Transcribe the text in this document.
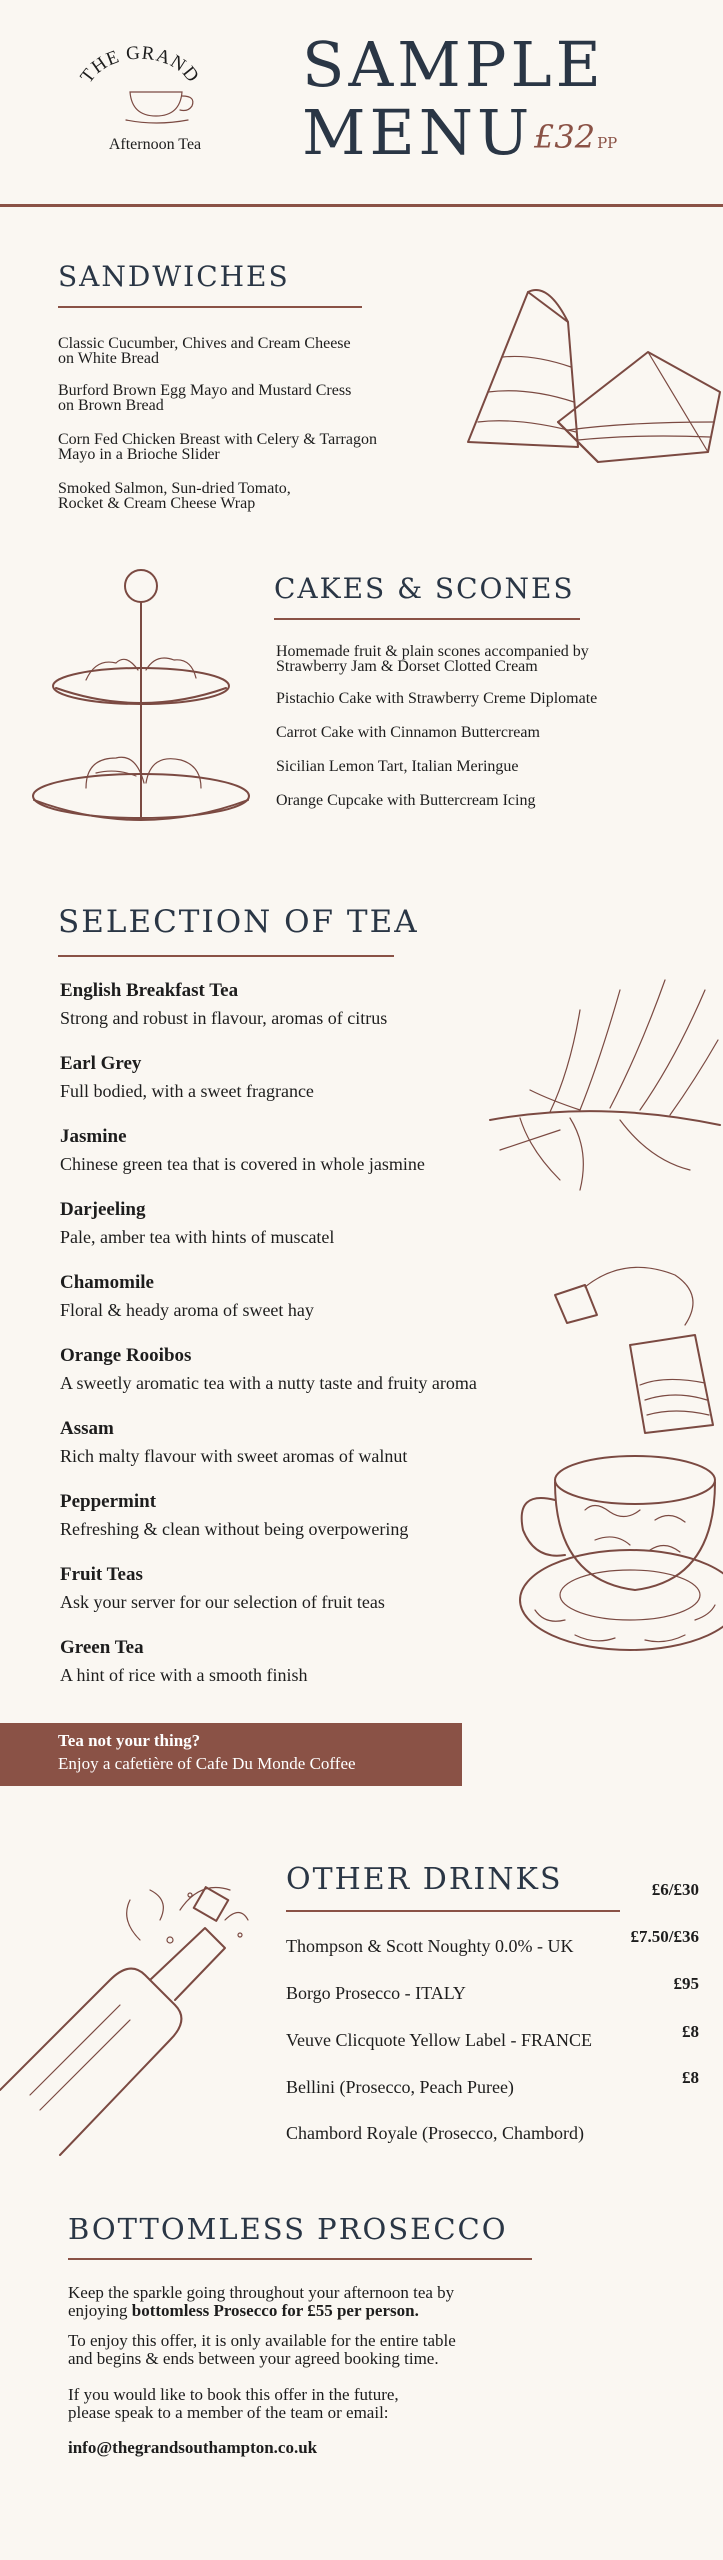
THE GRAND
Afternoon Tea
SAMPLE
MENU £32 PP
SANDWICHES
Classic Cucumber, Chives and Cream Cheese
on White Bread
Burford Brown Egg Mayo and Mustard Cress
on Brown Bread
Corn Fed Chicken Breast with Celery & Tarragon
Mayo in a Brioche Slider
Smoked Salmon, Sun-dried Tomato,
Rocket & Cream Cheese Wrap
CAKES & SCONES
Homemade fruit & plain scones accompanied by
Strawberry Jam & Dorset Clotted Cream
Pistachio Cake with Strawberry Creme Diplomate
Carrot Cake with Cinnamon Buttercream
Sicilian Lemon Tart, Italian Meringue
Orange Cupcake with Buttercream Icing
SELECTION OF TEA
English Breakfast Tea
Strong and robust in flavour, aromas of citrus
Earl Grey
Full bodied, with a sweet fragrance
Jasmine
Chinese green tea that is covered in whole jasmine
Darjeeling
Pale, amber tea with hints of muscatel
Chamomile
Floral & heady aroma of sweet hay
Orange Rooibos
A sweetly aromatic tea with a nutty taste and fruity aroma
Assam
Rich malty flavour with sweet aromas of walnut
Peppermint
Refreshing & clean without being overpowering
Fruit Teas
Ask your server for our selection of fruit teas
Green Tea
A hint of rice with a smooth finish
Tea not your thing?
Enjoy a cafetière of Cafe Du Monde Coffee
OTHER DRINKS
Thompson & Scott Noughty 0.0% - UK
Borgo Prosecco - ITALY
Veuve Clicquote Yellow Label - FRANCE
Bellini (Prosecco, Peach Puree)
Chambord Royale (Prosecco, Chambord)
£6/£30
£7.50/£36
£95
£8
£8
BOTTOMLESS PROSECCO
Keep the sparkle going throughout your afternoon tea by
enjoying bottomless Prosecco for £55 per person.
To enjoy this offer, it is only available for the entire table
and begins & ends between your agreed booking time.
If you would like to book this offer in the future,
please speak to a member of the team or email:
info@thegrandsouthampton.co.uk
